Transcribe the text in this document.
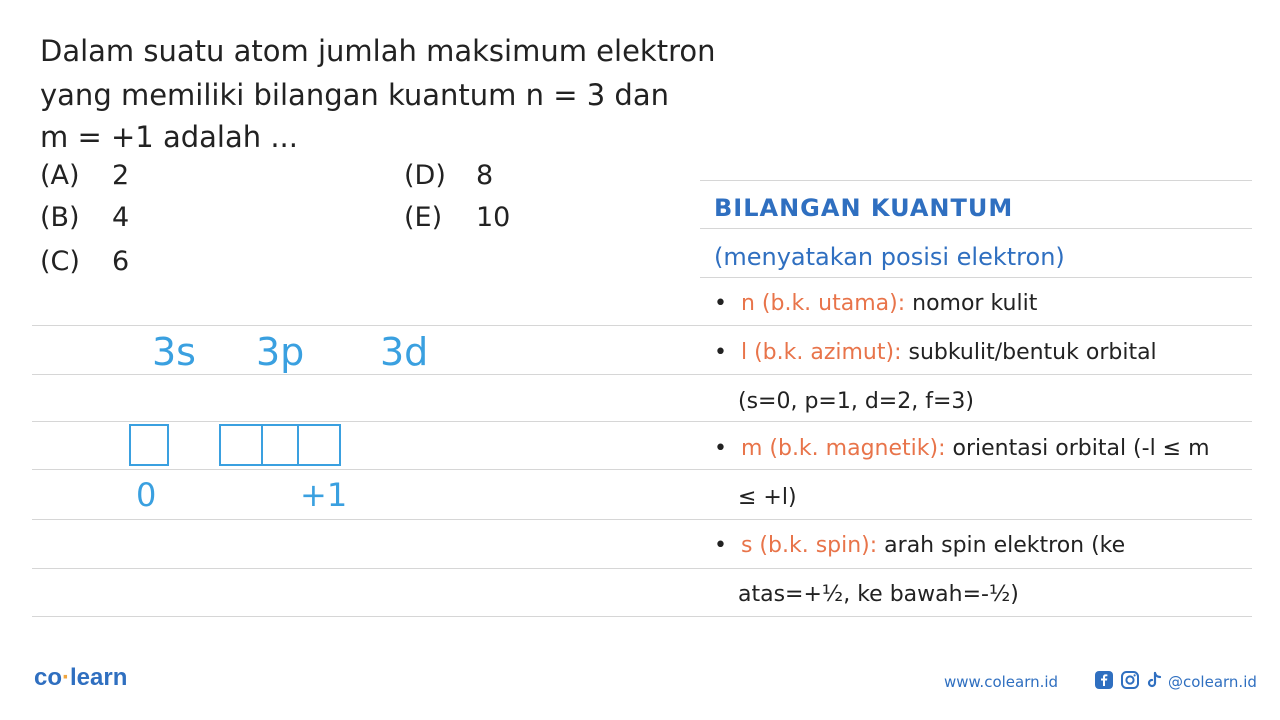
Dalam suatu atom jumlah maksimum elektron
yang memiliki bilangan kuantum n = 3 dan
m = +1 adalah ...
(A) 2
(B) 4
(C) 6
(D) 8
(E) 10
3s 3p 3d
0	+1
BILANGAN KUANTUM
(menyatakan posisi elektron)
•  n (b.k. utama): nomor kulit
•  l (b.k. azimut): subkulit/bentuk orbital
(s=0, p=1, d=2, f=3)
•  m (b.k. magnetik): orientasi orbital (-l ≤ m
≤ +l)
•  s (b.k. spin): arah spin elektron (ke
atas=+½, ke bawah=-½)
co·learn	www.colearn.id	@colearn.id
